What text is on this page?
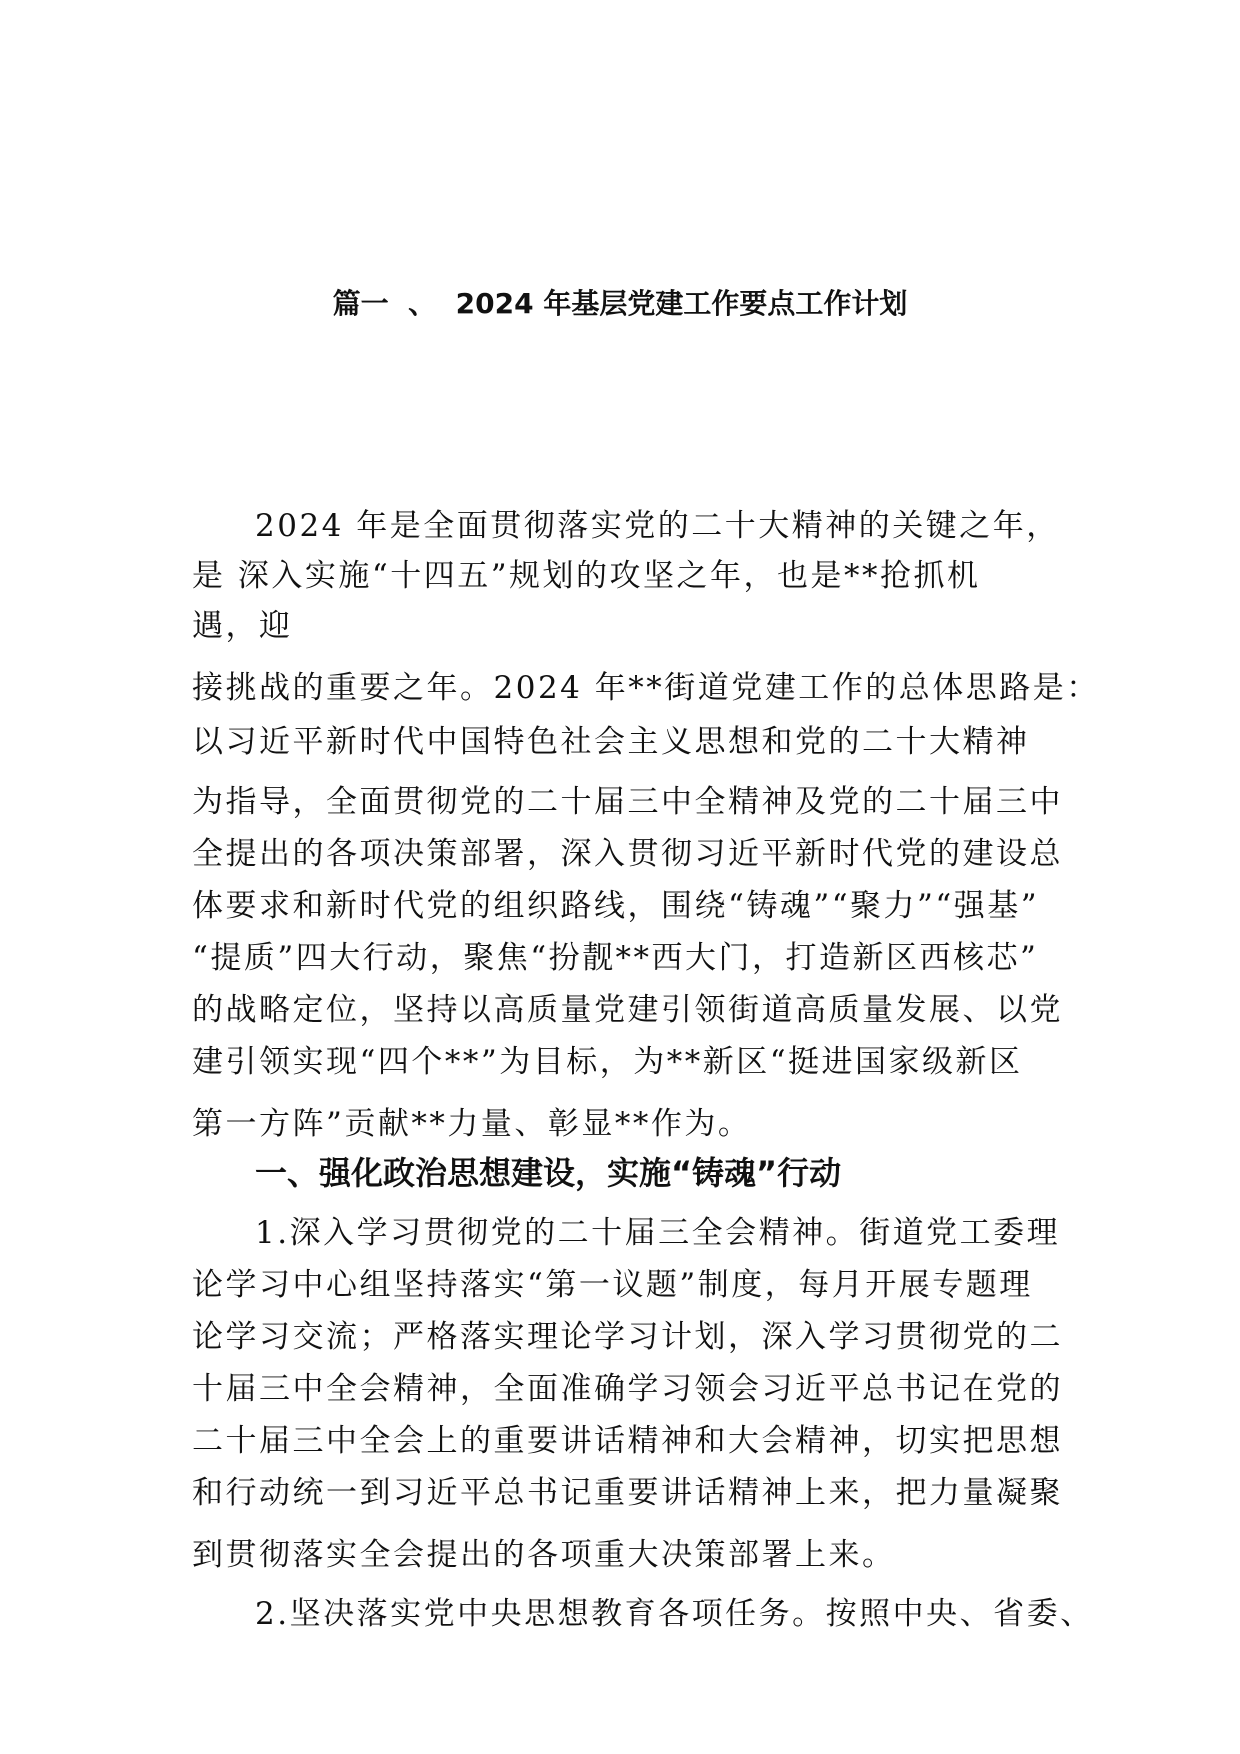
篇一  、  2024 年基层党建工作要点工作计划
2024 年是全面贯彻落实党的二十大精神的关键之年，
是 深入实施“十四五”规划的攻坚之年，也是**抢抓机
遇，迎
接挑战的重要之年。2024 年**街道党建工作的总体思路是：
以习近平新时代中国特色社会主义思想和党的二十大精神
为指导，全面贯彻党的二十届三中全精神及党的二十届三中
全提出的各项决策部署，深入贯彻习近平新时代党的建设总
体要求和新时代党的组织路线，围绕“铸魂”“聚力”“强基”
“提质”四大行动，聚焦“扮靓**西大门，打造新区西核芯”
的战略定位，坚持以高质量党建引领街道高质量发展、以党
建引领实现“四个**”为目标，为**新区“挺进国家级新区
第一方阵”贡献**力量、彰显**作为。
一、强化政治思想建设，实施“铸魂”行动
1.深入学习贯彻党的二十届三全会精神。街道党工委理
论学习中心组坚持落实“第一议题”制度，每月开展专题理
论学习交流；严格落实理论学习计划，深入学习贯彻党的二
十届三中全会精神，全面准确学习领会习近平总书记在党的
二十届三中全会上的重要讲话精神和大会精神，切实把思想
和行动统一到习近平总书记重要讲话精神上来，把力量凝聚
到贯彻落实全会提出的各项重大决策部署上来。
2.坚决落实党中央思想教育各项任务。按照中央、省委、
